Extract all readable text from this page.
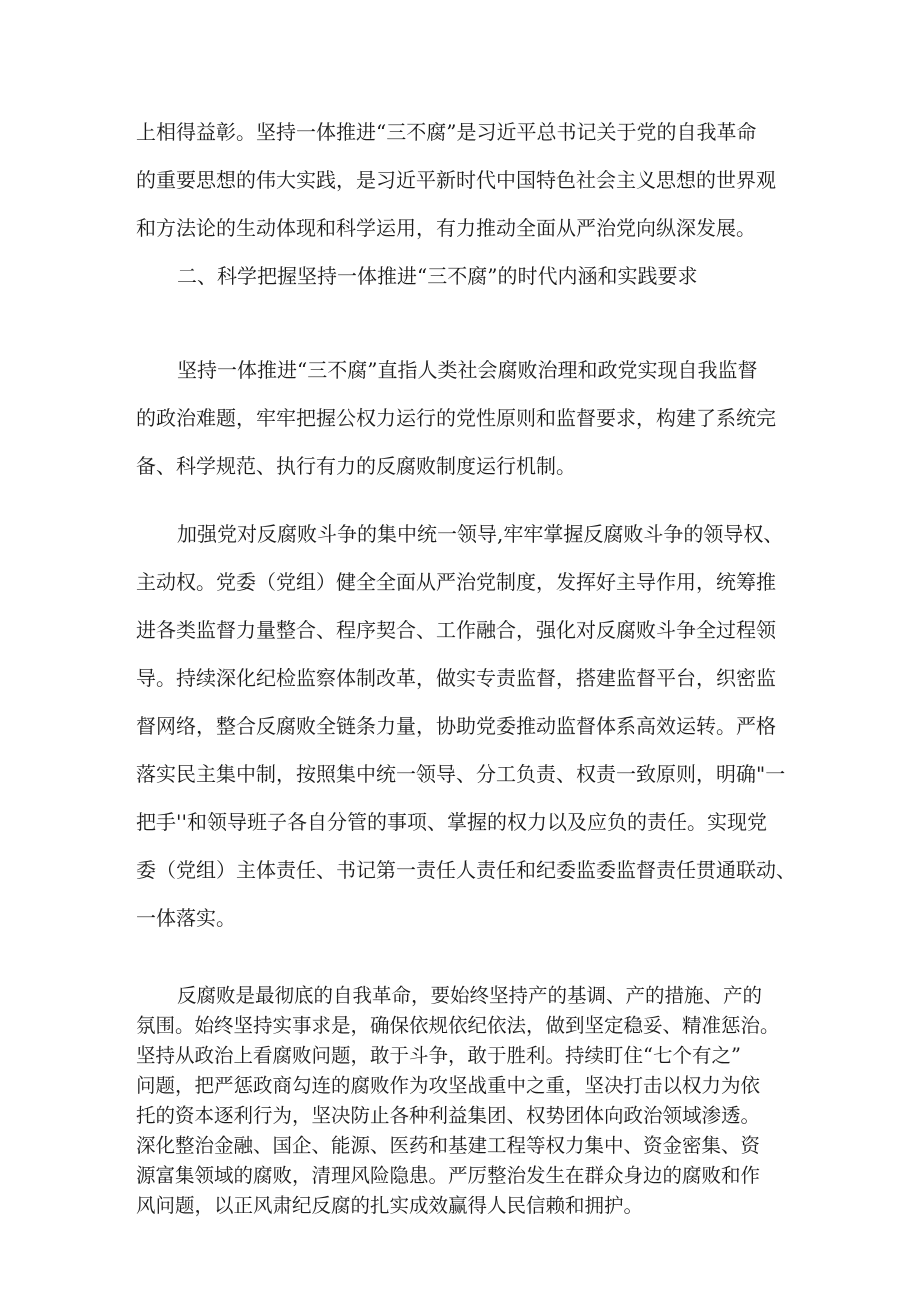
上相得益彰。坚持一体推进“三不腐”是习近平总书记关于党的自我革命
的重要思想的伟大实践，是习近平新时代中国特色社会主义思想的世界观
和方法论的生动体现和科学运用，有力推动全面从严治党向纵深发展。
二、科学把握坚持一体推进“三不腐”的时代内涵和实践要求
坚持一体推进“三不腐”直指人类社会腐败治理和政党实现自我监督
的政治难题，牢牢把握公权力运行的党性原则和监督要求，构建了系统完
备、科学规范、执行有力的反腐败制度运行机制。
加强党对反腐败斗争的集中统一领导,牢牢掌握反腐败斗争的领导权、
主动权。党委（党组）健全全面从严治党制度，发挥好主导作用，统筹推
进各类监督力量整合、程序契合、工作融合，强化对反腐败斗争全过程领
导。持续深化纪检监察体制改革，做实专责监督，搭建监督平台，织密监
督网络，整合反腐败全链条力量，协助党委推动监督体系高效运转。严格
落实民主集中制，按照集中统一领导、分工负责、权责一致原则，明确"一
把手''和领导班子各自分管的事项、掌握的权力以及应负的责任。实现党
委（党组）主体责任、书记第一责任人责任和纪委监委监督责任贯通联动、
一体落实。
反腐败是最彻底的自我革命，要始终坚持产的基调、产的措施、产的
氛围。始终坚持实事求是，确保依规依纪依法，做到坚定稳妥、精准惩治。
坚持从政治上看腐败问题，敢于斗争，敢于胜利。持续盯住“七个有之”
问题，把严惩政商勾连的腐败作为攻坚战重中之重，坚决打击以权力为依
托的资本逐利行为，坚决防止各种利益集团、权势团体向政治领域渗透。
深化整治金融、国企、能源、医药和基建工程等权力集中、资金密集、资
源富集领域的腐败，清理风险隐患。严厉整治发生在群众身边的腐败和作
风问题，以正风肃纪反腐的扎实成效赢得人民信赖和拥护。
